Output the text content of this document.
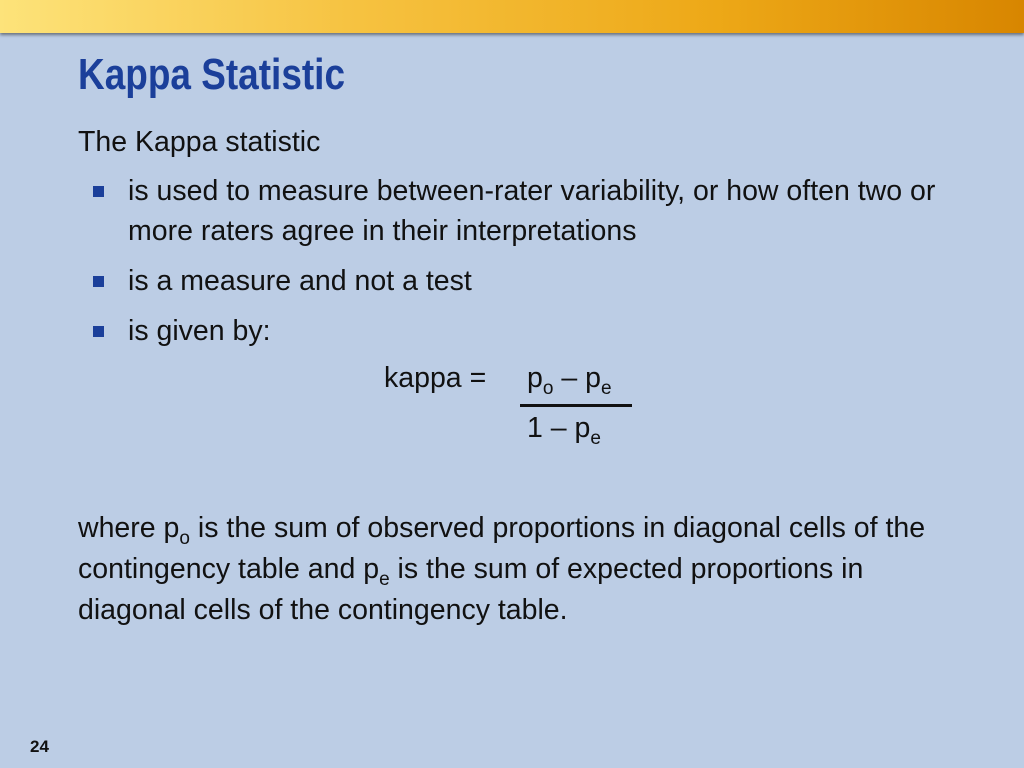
Kappa Statistic

The Kappa statistic

is used to measure between-rater variability, or how often two or more raters agree in their interpretations
is a measure and not a test
is given by:
kappa = $p_o - p_e$
$1 - p_e$

where $p_o$ is the sum of observed proportions in diagonal cells of the contingency table and $p_e$ is the sum of expected proportions in diagonal cells of the contingency table.

24
